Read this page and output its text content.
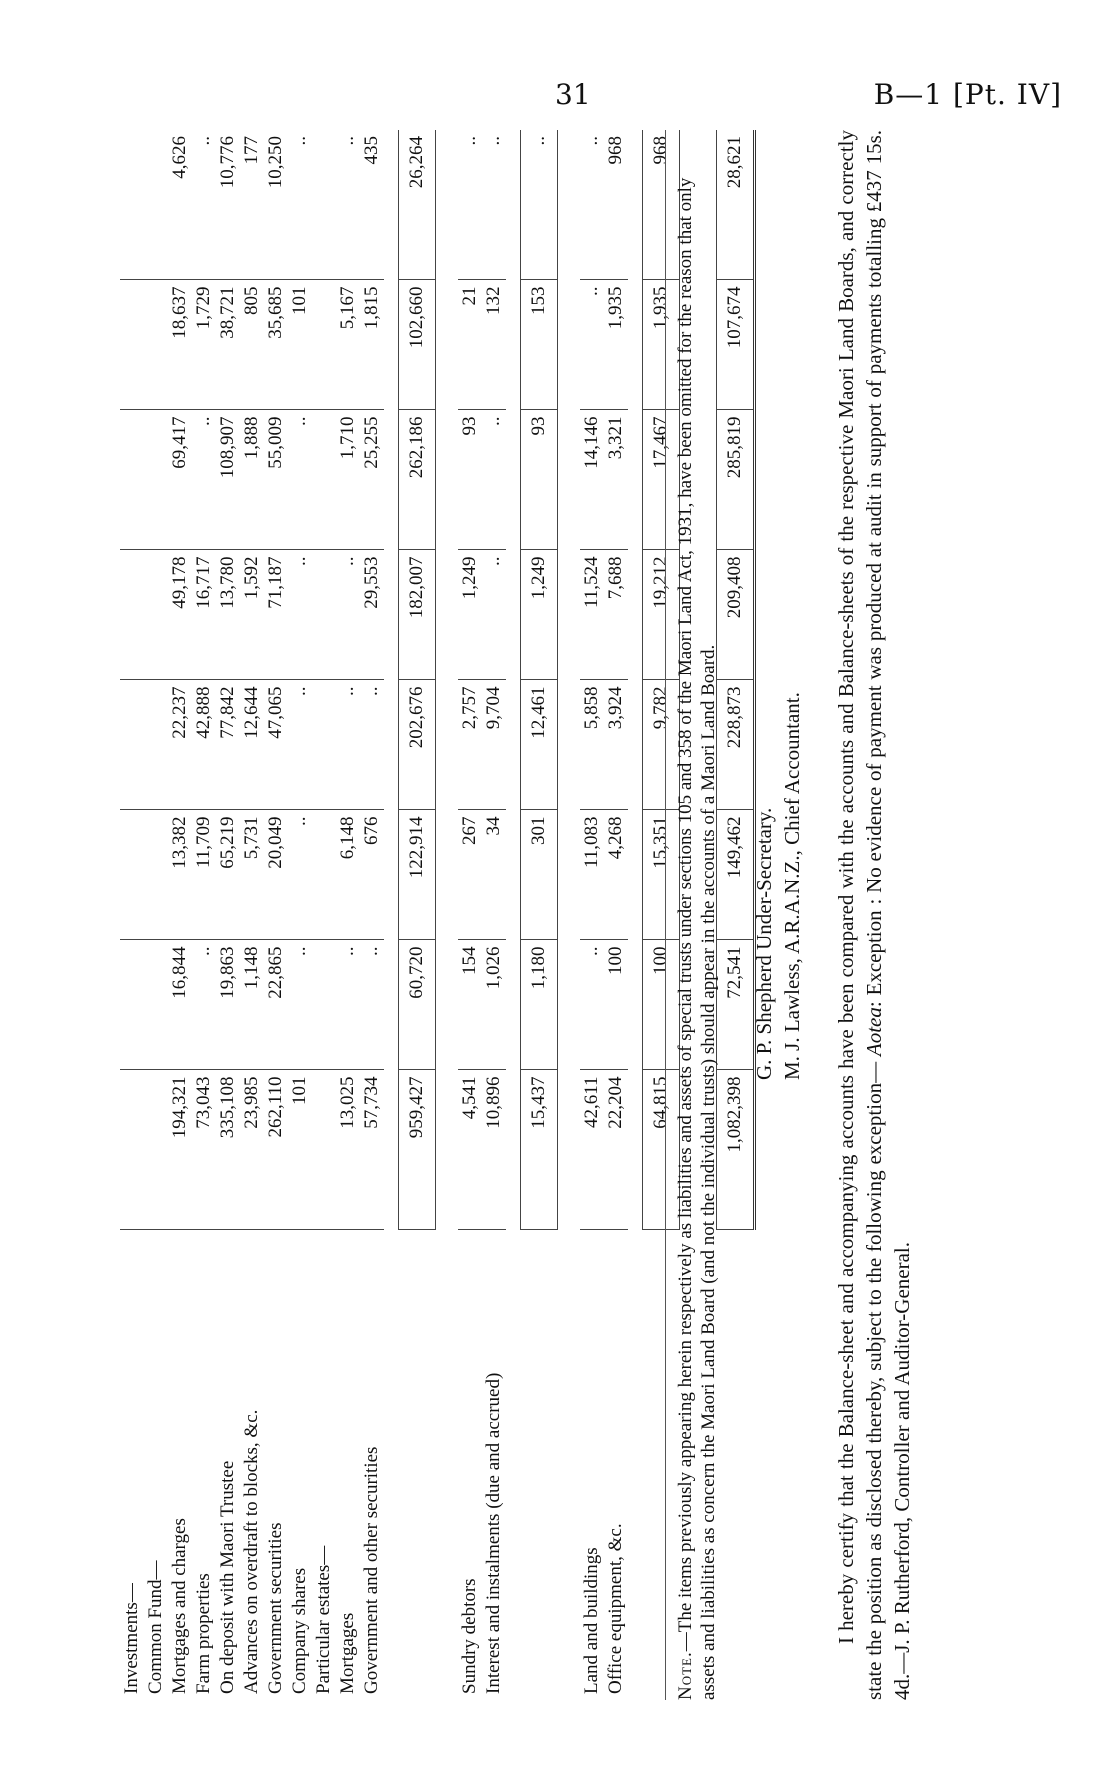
31	B—1 [Pt. IV]
Investments—								
Common Fund—								
Mortgages and charges	194,321	16,844	13,382	22,237	49,178	69,417	18,637	4,626
Farm properties	73,043	..	11,709	42,888	16,717	..	1,729	..
On deposit with Maori Trustee	335,108	19,863	65,219	77,842	13,780	108,907	38,721	10,776
Advances on overdraft to blocks, &c.	23,985	1,148	5,731	12,644	1,592	1,888	805	177
Government securities	262,110	22,865	20,049	47,065	71,187	55,009	35,685	10,250
Company shares	101	..	..	..	..	..	101	..
Particular estates—								
Mortgages	13,025	..	6,148	..	..	1,710	5,167	..
Government and other securities	57,734	..	676	..	29,553	25,255	1,815	435

	959,427	60,720	122,914	202,676	182,007	262,186	102,660	26,264

Sundry debtors	4,541	154	267	2,757	1,249	93	21	..
Interest and instalments (due and accrued)	10,896	1,026	34	9,704	..	..	132	..

	15,437	1,180	301	12,461	1,249	93	153	..

Land and buildings	42,611	..	11,083	5,858	11,524	14,146	..	..
Office equipment, &c.	22,204	100	4,268	3,924	7,688	3,321	1,935	968

	64,815	100	15,351	9,782	19,212	17,467	1,935	968

	1,082,398	72,541	149,462	228,873	209,408	285,819	107,674	28,621
Note.—The items previously appearing herein respectively as liabilities and assets of special trusts under sections 105 and 358 of the Maori Land Act, 1931, have been omitted for the reason that only assets and liabilities as concern the Maori Land Board (and not the individual trusts) should appear in the accounts of a Maori Land Board. G. P. Shepherd Under-Secretary. M. J. Lawless, A.R.A.N.Z., Chief Accountant. I hereby certify that the Balance-sheet and accompanying accounts have been compared with the accounts and Balance-sheets of the respective Maori Land Boards, and correctly state the position as disclosed thereby, subject to the following exception— Aotea: Exception : No evidence of payment was produced at audit in support of payments totalling £437 15s. 4d.—J. P. Rutherford, Controller and Auditor-General.
